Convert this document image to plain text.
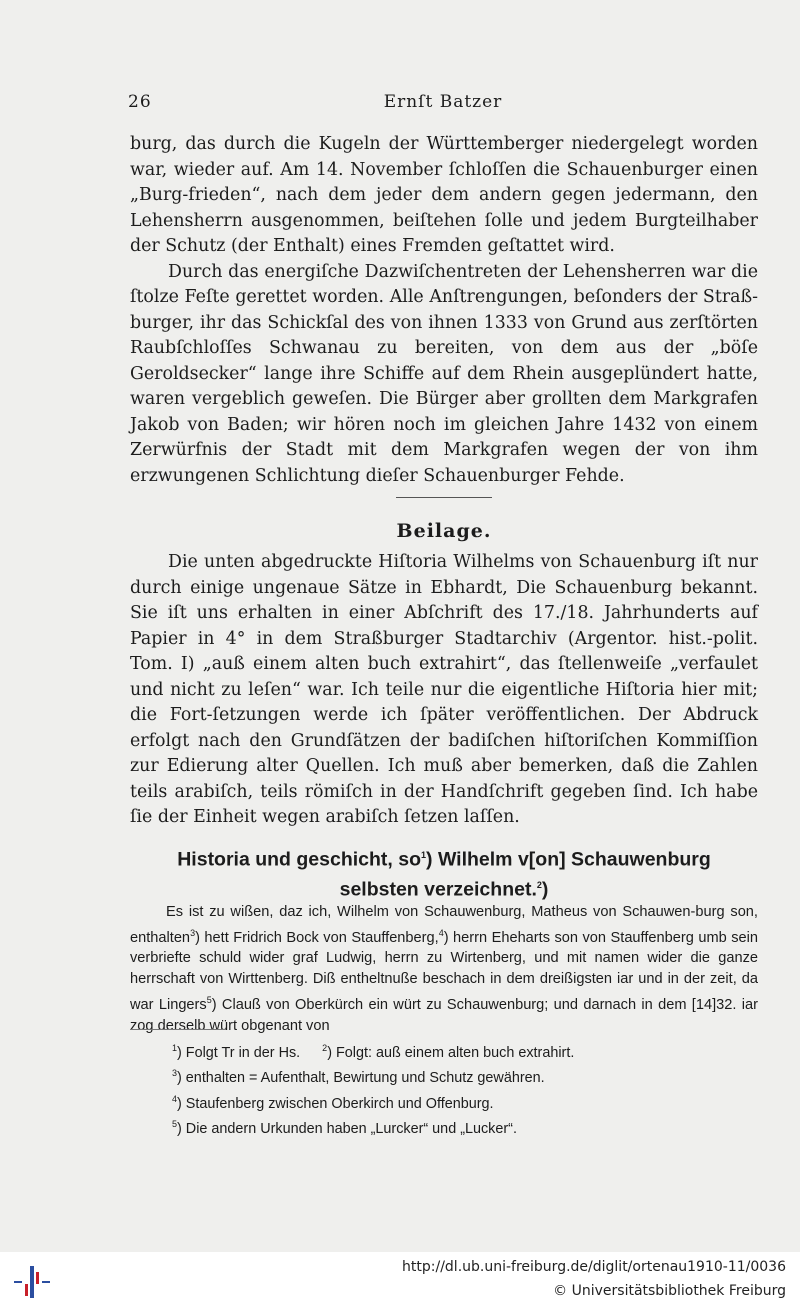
26	Ernſt Batzer

burg, das durch die Kugeln der Württemberger niedergelegt worden war, wieder auf. Am 14. November ſchloſſen die Schauenburger einen „Burg-frieden“, nach dem jeder dem andern gegen jedermann, den Lehensherrn ausgenommen, beiſtehen ſolle und jedem Burgteilhaber der Schutz (der Enthalt) eines Fremden geſtattet wird.

Durch das energiſche Dazwiſchentreten der Lehensherren war die ſtolze Feſte gerettet worden. Alle Anſtrengungen, beſonders der Straß-burger, ihr das Schickſal des von ihnen 1333 von Grund aus zerſtörten Raubſchloſſes Schwanau zu bereiten, von dem aus der „böſe Geroldsecker“ lange ihre Schiffe auf dem Rhein ausgeplündert hatte, waren vergeblich geweſen. Die Bürger aber grollten dem Markgrafen Jakob von Baden; wir hören noch im gleichen Jahre 1432 von einem Zerwürfnis der Stadt mit dem Markgrafen wegen der von ihm erzwungenen Schlichtung dieſer Schauenburger Fehde.

Beilage.

Die unten abgedruckte Hiſtoria Wilhelms von Schauenburg iſt nur durch einige ungenaue Sätze in Ebhardt, Die Schauenburg bekannt. Sie iſt uns erhalten in einer Abſchrift des 17./18. Jahrhunderts auf Papier in 4° in dem Straßburger Stadtarchiv (Argentor. hist.-polit. Tom. I) „auß einem alten buch extrahirt“, das ſtellenweiſe „verfaulet und nicht zu leſen“ war. Ich teile nur die eigentliche Hiſtoria hier mit; die Fort-ſetzungen werde ich ſpäter veröffentlichen. Der Abdruck erfolgt nach den Grundſätzen der badiſchen hiſtoriſchen Kommiſſion zur Edierung alter Quellen. Ich muß aber bemerken, daß die Zahlen teils arabiſch, teils römiſch in der Handſchrift gegeben ſind. Ich habe ſie der Einheit wegen arabiſch ſetzen laſſen.

Historia und geschicht, $so^1$) Wilhelm v[on] Schauwenburg
selbsten verzeichnet.$^2$)

Es ist zu wißen, daz ich, Wilhelm von Schauwenburg, Matheus von Schauwen-burg son, enthalten$^3$) hett Fridrich Bock von Stauffenberg,$^4$) herrn Eheharts son von Stauffenberg umb sein verbriefte schuld wider graf Ludwig, herrn zu Wirtenberg, und mit namen wider die ganze herrschaft von Wirttenberg. Diß entheltnuße beschach in dem dreißigsten iar und in der zeit, da war Lingers$^5$) Clauß von Oberkürch ein würt zu Schauwenburg; und darnach in dem [14]32. iar zog derselb würt obgenant von

$^1$) Folgt Tr in der Hs. $^2$) Folgt: auß einem alten buch extrahirt.
$^3$) enthalten = Aufenthalt, Bewirtung und Schutz gewähren.
$^4$) Staufenberg zwischen Oberkirch und Offenburg.
$^5$) Die andern Urkunden haben „Lurcker“ und „Lucker“.
http://dl.ub.uni-freiburg.de/diglit/ortenau1910-11/0036
© Universitätsbibliothek Freiburg
